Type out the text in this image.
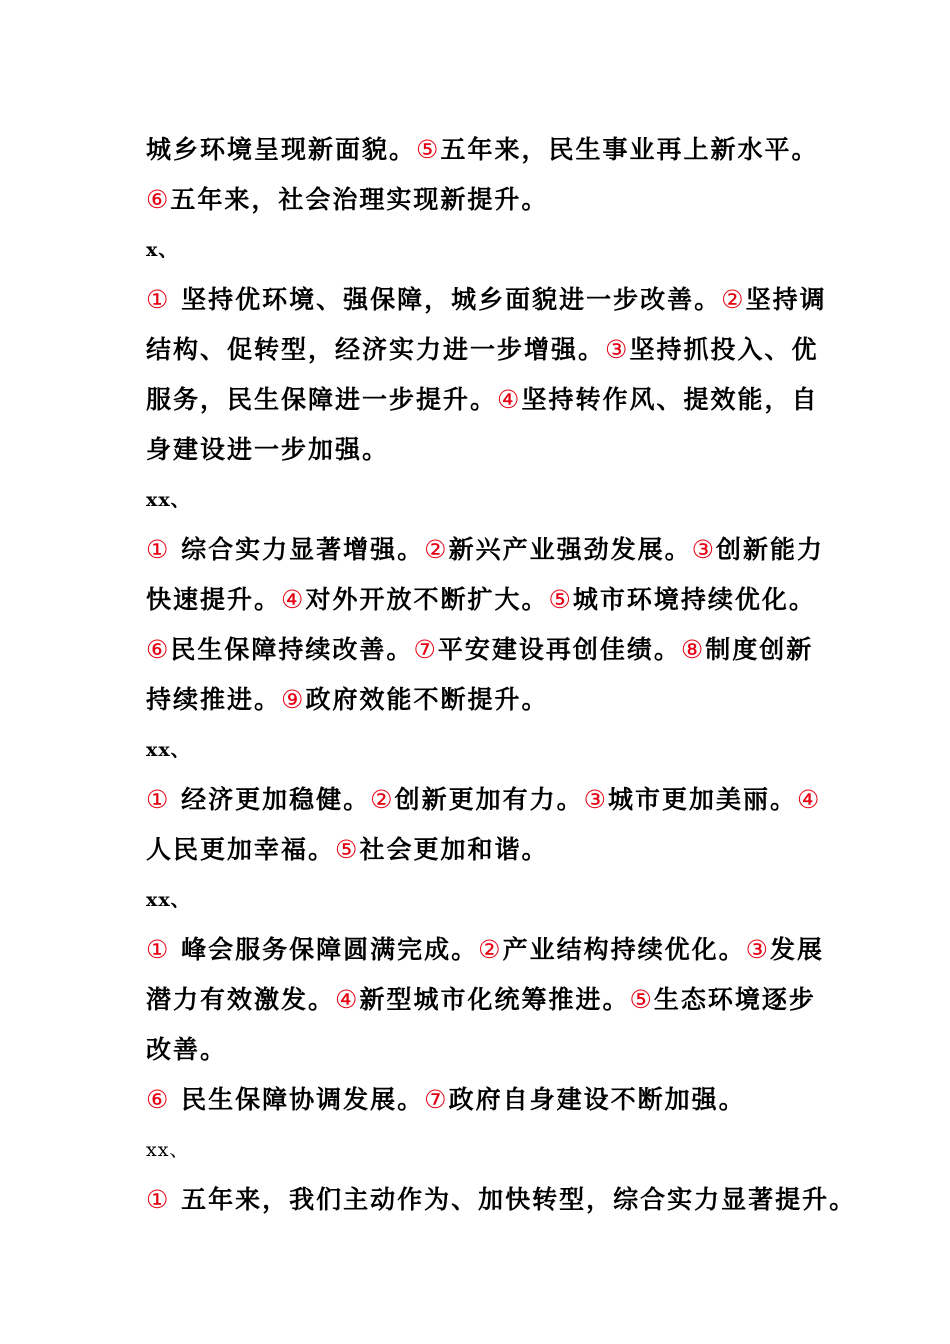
城乡环境呈现新面貌。⑤五年来，民生事业再上新水平。
⑥五年来，社会治理实现新提升。
x、
① 坚持优环境、强保障，城乡面貌进一步改善。②坚持调
结构、促转型，经济实力进一步增强。③坚持抓投入、优
服务，民生保障进一步提升。④坚持转作风、提效能，自
身建设进一步加强。
xx、
① 综合实力显著增强。②新兴产业强劲发展。③创新能力
快速提升。④对外开放不断扩大。⑤城市环境持续优化。
⑥民生保障持续改善。⑦平安建设再创佳绩。⑧制度创新
持续推进。⑨政府效能不断提升。
xx、
① 经济更加稳健。②创新更加有力。③城市更加美丽。④
人民更加幸福。⑤社会更加和谐。
xx、
① 峰会服务保障圆满完成。②产业结构持续优化。③发展
潜力有效激发。④新型城市化统筹推进。⑤生态环境逐步
改善。
⑥ 民生保障协调发展。⑦政府自身建设不断加强。
xx、
① 五年来，我们主动作为、加快转型，综合实力显著提升。
